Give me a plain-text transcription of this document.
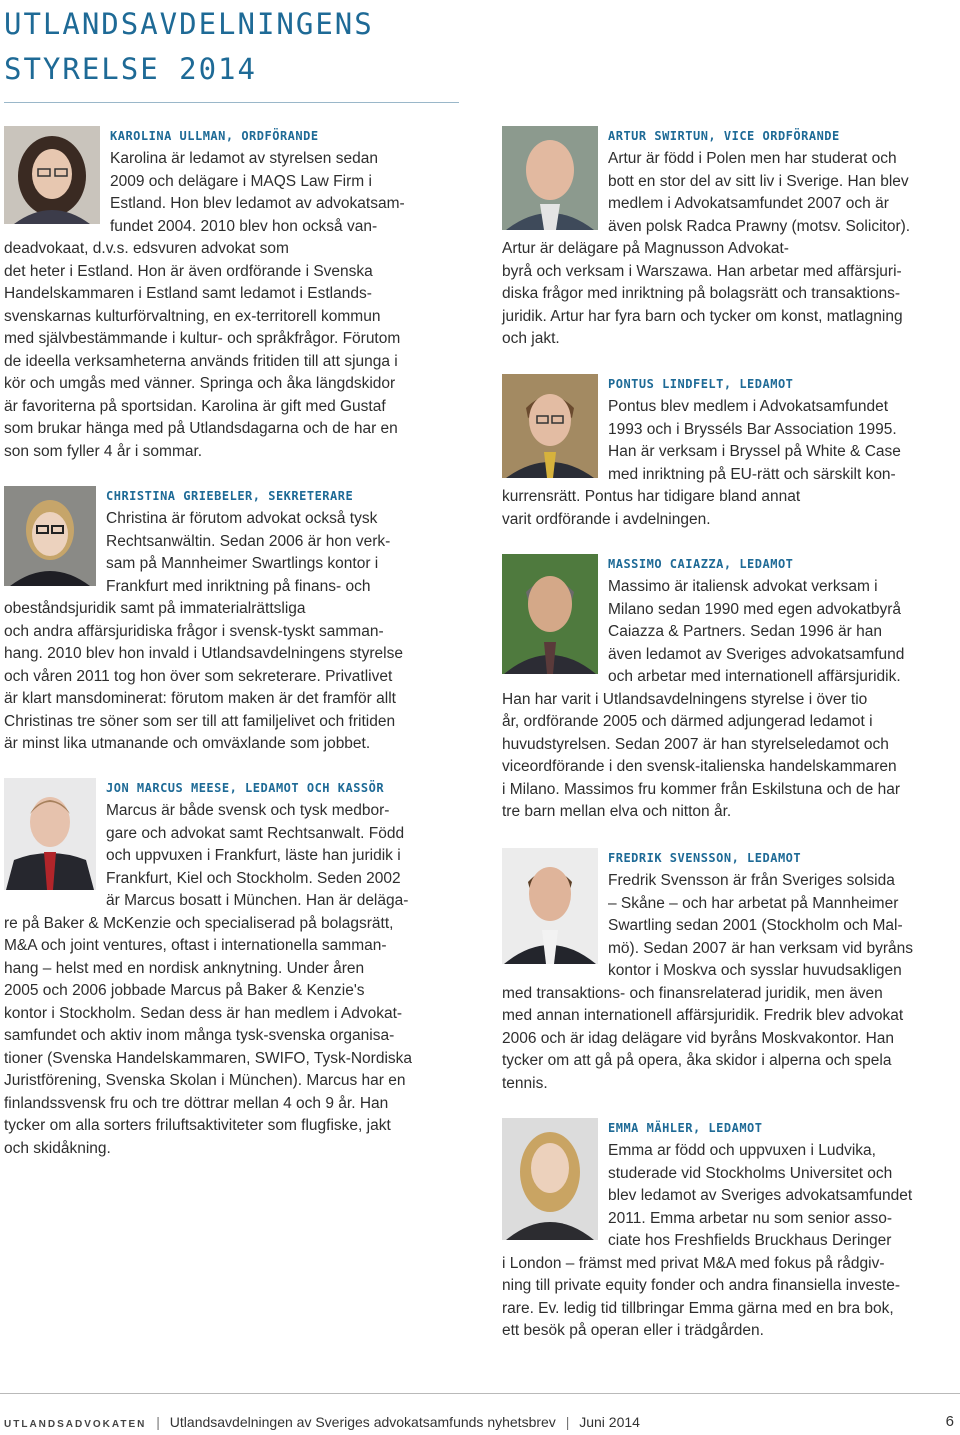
UTLANDSAVDELNINGENS
STYRELSE 2014
KAROLINA ULLMAN, ORDFÖRANDE
Karolina är ledamot av styrelsen sedan
2009 och delägare i MAQS Law Firm i
Estland. Hon blev ledamot av advokatsam-
fundet 2004. 2010 blev hon också van-
deadvokaat, d.v.s. edsvuren advokat som
det heter i Estland. Hon är även ordförande i Svenska
Handelskammaren i Estland samt ledamot i Estlands-
svenskarnas kulturförvaltning, en ex-territorell kommun
med självbestämmande i kultur- och språkfrågor. Förutom
de ideella verksamheterna används fritiden till att sjunga i
kör och umgås med vänner. Springa och åka längdskidor
är favoriterna på sportsidan. Karolina är gift med Gustaf
som brukar hänga med på Utlandsdagarna och de har en
son som fyller 4 år i sommar.
CHRISTINA GRIEBELER, SEKRETERARE
Christina är förutom advokat också tysk
Rechtsanwältin. Sedan 2006 är hon verk-
sam på Mannheimer Swartlings kontor i
Frankfurt med inriktning på finans- och
obeståndsjuridik samt på immaterialrättsliga
och andra affärsjuridiska frågor i svensk-tyskt samman-
hang. 2010 blev hon invald i Utlandsavdelningens styrelse
och våren 2011 tog hon över som sekreterare. Privatlivet
är klart mansdominerat: förutom maken är det framför allt
Christinas tre söner som ser till att familjelivet och fritiden
är minst lika utmanande och omväxlande som jobbet.
JON MARCUS MEESE, LEDAMOT OCH KASSÖR
Marcus är både svensk och tysk medbor-
gare och advokat samt Rechtsanwalt. Född
och uppvuxen i Frankfurt, läste han juridik i
Frankfurt, Kiel och Stockholm. Seden 2002
är Marcus bosatt i München. Han är deläga-
re på Baker & McKenzie och specialiserad på bolagsrätt,
M&A och joint ventures, oftast i internationella samman-
hang – helst med en nordisk anknytning. Under åren
2005 och 2006 jobbade Marcus på Baker & Kenzie's
kontor i Stockholm. Sedan dess är han medlem i Advokat-
samfundet och aktiv inom många tysk-svenska organisa-
tioner (Svenska Handelskammaren, SWIFO, Tysk-Nordiska
Juristförening, Svenska Skolan i München). Marcus har en
finlandssvensk fru och tre döttrar mellan 4 och 9 år. Han
tycker om alla sorters friluftsaktiviteter som flugfiske, jakt
och skidåkning.
ARTUR SWIRTUN, VICE ORDFÖRANDE
Artur är född i Polen men har studerat och
bott en stor del av sitt liv i Sverige. Han blev
medlem i Advokatsamfundet 2007 och är
även polsk Radca Prawny (motsv. Solicitor).
Artur är delägare på Magnusson Advokat-
byrå och verksam i Warszawa. Han arbetar med affärsjuri-
diska frågor med inriktning på bolagsrätt och transaktions-
juridik. Artur har fyra barn och tycker om konst, matlagning
och jakt.
PONTUS LINDFELT, LEDAMOT
Pontus blev medlem i Advokatsamfundet
1993 och i Brysséls Bar Association 1995.
Han är verksam i Bryssel på White & Case
med inriktning på EU-rätt och särskilt kon-
kurrensrätt. Pontus har tidigare bland annat
varit ordförande i avdelningen.
MASSIMO CAIAZZA, LEDAMOT
Massimo är italiensk advokat verksam i
Milano sedan 1990 med egen advokatbyrå
Caiazza & Partners. Sedan 1996 är han
även ledamot av Sveriges advokatsamfund
och arbetar med internationell affärsjuridik.
Han har varit i Utlandsavdelningens styrelse i över tio
år, ordförande 2005 och därmed adjungerad ledamot i
huvudstyrelsen. Sedan 2007 är han styrelseledamot och
viceordförande i den svensk-italienska handelskammaren
i Milano. Massimos fru kommer från Eskilstuna och de har
tre barn mellan elva och nitton år.
FREDRIK SVENSSON, LEDAMOT
Fredrik Svensson är från Sveriges solsida
– Skåne – och har arbetat på Mannheimer
Swartling sedan 2001 (Stockholm och Mal-
mö). Sedan 2007 är han verksam vid byråns
kontor i Moskva och sysslar huvudsakligen
med transaktions- och finansrelaterad juridik, men även
med annan internationell affärsjuridik. Fredrik blev advokat
2006 och är idag delägare vid byråns Moskvakontor. Han
tycker om att gå på opera, åka skidor i alperna och spela
tennis.
EMMA MÄHLER, LEDAMOT
Emma ar född och uppvuxen i Ludvika,
studerade vid Stockholms Universitet och
blev ledamot av Sveriges advokatsamfundet
2011. Emma arbetar nu som senior asso-
ciate hos Freshfields Bruckhaus Deringer
i London – främst med privat M&A med fokus på rådgiv-
ning till private equity fonder och andra finansiella investe-
rare. Ev. ledig tid tillbringar Emma gärna med en bra bok,
ett besök på operan eller i trädgården.
UTLANDSADVOKATEN | Utlandsavdelningen av Sveriges advokatsamfunds nyhetsbrev | Juni 2014	6
